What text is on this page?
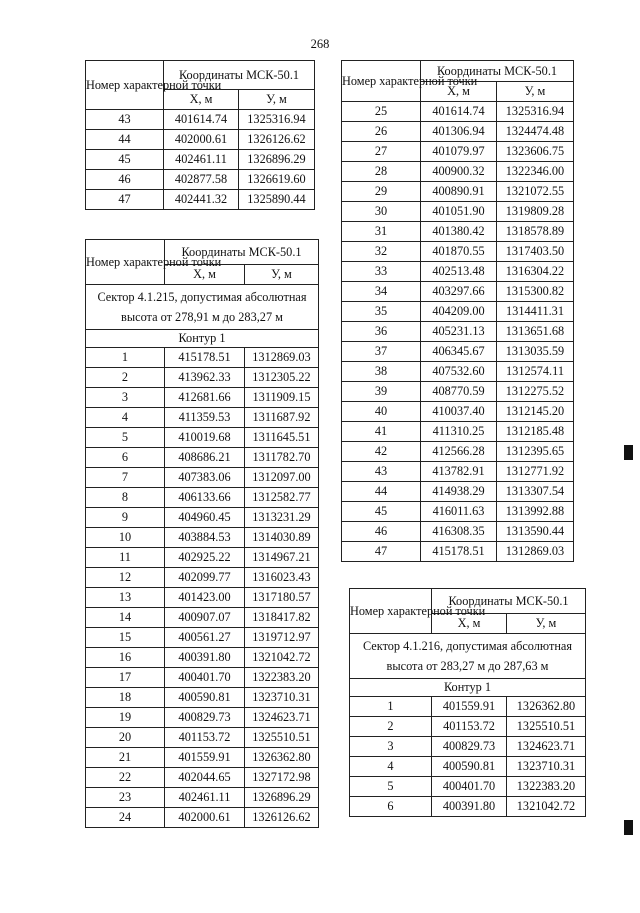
268
Номер характерной точки	Координаты МСК-50.1	
	X, м	У, м
43	401614.74	1325316.94
44	402000.61	1326126.62
45	402461.11	1326896.29
46	402877.58	1326619.60
47	402441.32	1325890.44
Номер характерной точки	Координаты МСК-50.1	
	X, м	У, м
Сектор 4.1.215, допустимая абсолютная высота от 278,91 м до 283,27 м		
Контур 1		
1	415178.51	1312869.03
2	413962.33	1312305.22
3	412681.66	1311909.15
4	411359.53	1311687.92
5	410019.68	1311645.51
6	408686.21	1311782.70
7	407383.06	1312097.00
8	406133.66	1312582.77
9	404960.45	1313231.29
10	403884.53	1314030.89
11	402925.22	1314967.21
12	402099.77	1316023.43
13	401423.00	1317180.57
14	400907.07	1318417.82
15	400561.27	1319712.97
16	400391.80	1321042.72
17	400401.70	1322383.20
18	400590.81	1323710.31
19	400829.73	1324623.71
20	401153.72	1325510.51
21	401559.91	1326362.80
22	402044.65	1327172.98
23	402461.11	1326896.29
24	402000.61	1326126.62
Номер характерной точки	Координаты МСК-50.1	
	X, м	У, м
25	401614.74	1325316.94
26	401306.94	1324474.48
27	401079.97	1323606.75
28	400900.32	1322346.00
29	400890.91	1321072.55
30	401051.90	1319809.28
31	401380.42	1318578.89
32	401870.55	1317403.50
33	402513.48	1316304.22
34	403297.66	1315300.82
35	404209.00	1314411.31
36	405231.13	1313651.68
37	406345.67	1313035.59
38	407532.60	1312574.11
39	408770.59	1312275.52
40	410037.40	1312145.20
41	411310.25	1312185.48
42	412566.28	1312395.65
43	413782.91	1312771.92
44	414938.29	1313307.54
45	416011.63	1313992.88
46	416308.35	1313590.44
47	415178.51	1312869.03
Номер характерной точки	Координаты МСК-50.1	
	X, м	У, м
Сектор 4.1.216, допустимая абсолютная высота от 283,27 м до 287,63 м		
Контур 1		
1	401559.91	1326362.80
2	401153.72	1325510.51
3	400829.73	1324623.71
4	400590.81	1323710.31
5	400401.70	1322383.20
6	400391.80	1321042.72
